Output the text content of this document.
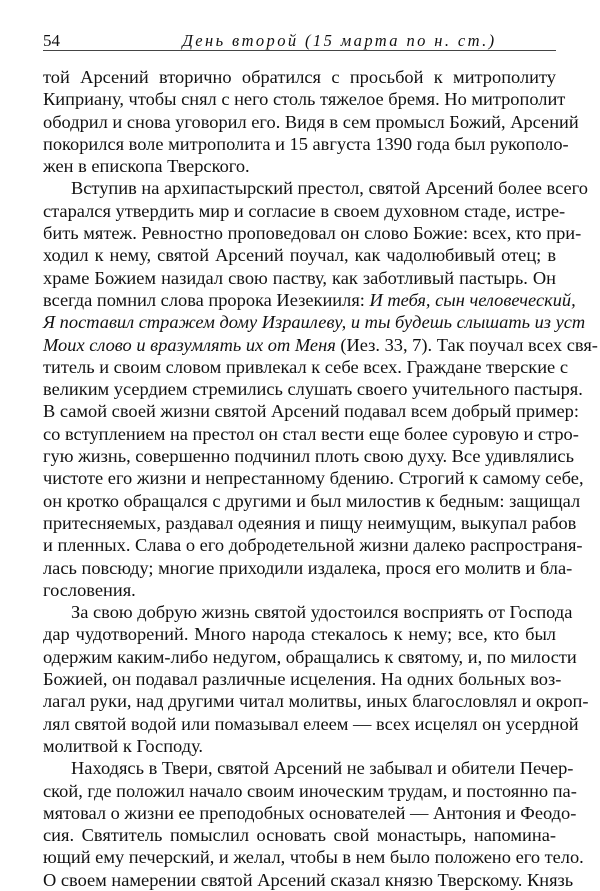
54	День второй (15 марта по н. ст.)
той Арсений вторично обратился с просьбой к митрополиту
Киприану, чтобы снял с него столь тяжелое бремя. Но митрополит
ободрил и снова уговорил его. Видя в сем промысл Божий, Арсений
покорился воле митрополита и 15 августа 1390 года был рукополо-
жен в епископа Тверского.
Вступив на архипастырский престол, святой Арсений более всего
старался утвердить мир и согласие в своем духовном стаде, истре-
бить мятеж. Ревностно проповедовал он слово Божие: всех, кто при-
ходил к нему, святой Арсений поучал, как чадолюбивый отец; в
храме Божием назидал свою паству, как заботливый пастырь. Он
всегда помнил слова пророка Иезекииля: И тебя, сын человеческий,
Я поставил стражем дому Израилеву, и ты будешь слышать из уст
Моих слово и вразумлять их от Меня (Иез. 33, 7). Так поучал всех свя-
титель и своим словом привлекал к себе всех. Граждане тверские с
великим усердием стремились слушать своего учительного пастыря.
В самой своей жизни святой Арсений подавал всем добрый пример:
со вступлением на престол он стал вести еще более суровую и стро-
гую жизнь, совершенно подчинил плоть свою духу. Все удивлялись
чистоте его жизни и непрестанному бдению. Строгий к самому себе,
он кротко обращался с другими и был милостив к бедным: защищал
притесняемых, раздавал одеяния и пищу неимущим, выкупал рабов
и пленных. Слава о его добродетельной жизни далеко распространя-
лась повсюду; многие приходили издалека, прося его молитв и бла-
гословения.
За свою добрую жизнь святой удостоился восприять от Господа
дар чудотворений. Много народа стекалось к нему; все, кто был
одержим каким-либо недугом, обращались к святому, и, по милости
Божией, он подавал различные исцеления. На одних больных воз-
лагал руки, над другими читал молитвы, иных благословлял и окроп-
лял святой водой или помазывал елеем — всех исцелял он усердной
молитвой к Господу.
Находясь в Твери, святой Арсений не забывал и обители Печер-
ской, где положил начало своим иноческим трудам, и постоянно па-
мятовал о жизни ее преподобных основателей — Антония и Феодо-
сия. Святитель помыслил основать свой монастырь, напомина-
ющий ему печерский, и желал, чтобы в нем было положено его тело.
О своем намерении святой Арсений сказал князю Тверскому. Князь
